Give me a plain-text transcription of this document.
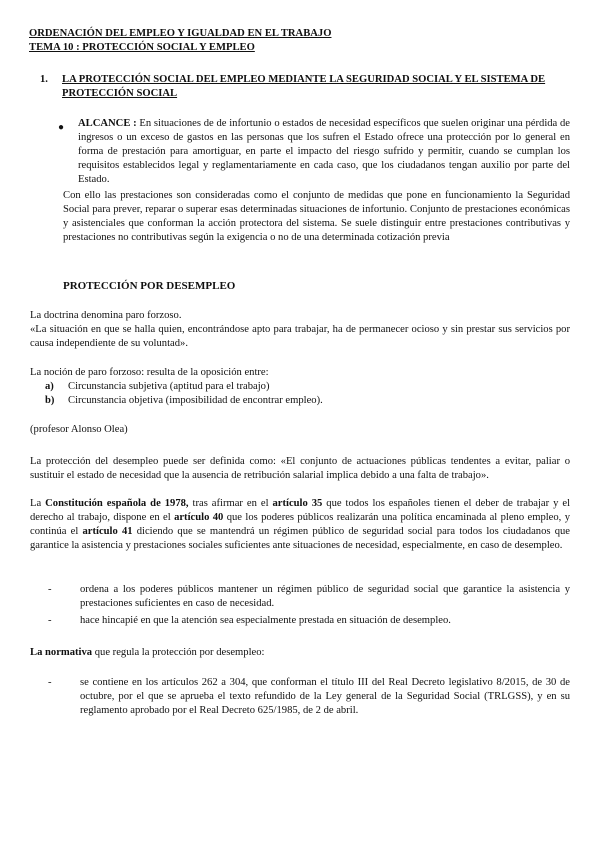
ORDENACIÓN DEL EMPLEO Y IGUALDAD EN EL TRABAJO
TEMA 10 : PROTECCIÓN SOCIAL Y EMPLEO
1. LA PROTECCIÓN SOCIAL DEL EMPLEO MEDIANTE LA SEGURIDAD SOCIAL Y EL SISTEMA DE PROTECCIÓN SOCIAL
● ALCANCE : En situaciones de de infortunio o estados de necesidad específicos que suelen originar una pérdida de ingresos o un exceso de gastos en las personas que los sufren el Estado ofrece una protección por lo general en forma de prestación para amortiguar, en parte el impacto del riesgo sufrido y permitir, cuando se cumplan los requisitos establecidos legal y reglamentariamente en cada caso, que los ciudadanos tengan auxilio por parte del Estado.
Con ello las prestaciones son consideradas como el conjunto de medidas que pone en funcionamiento la Seguridad Social para prever, reparar o superar esas determinadas situaciones de infortunio. Conjunto de prestaciones económicas y asistenciales que conforman la acción protectora del sistema. Se suele distinguir entre prestaciones contributivas y prestaciones no contributivas según la exigencia o no de una determinada cotización previa
PROTECCIÓN POR DESEMPLEO
La doctrina denomina paro forzoso.
«La situación en que se halla quien, encontrándose apto para trabajar, ha de permanecer ocioso y sin prestar sus servicios por causa independiente de su voluntad».
La noción de paro forzoso: resulta de la oposición entre:
a) Circunstancia subjetiva (aptitud para el trabajo)
b) Circunstancia objetiva (imposibilidad de encontrar empleo).
(profesor Alonso Olea)
La protección del desempleo puede ser definida como: «El conjunto de actuaciones públicas tendentes a evitar, paliar o sustituir el estado de necesidad que la ausencia de retribución salarial implica debido a una falta de trabajo».
La Constitución española de 1978, tras afirmar en el artículo 35 que todos los españoles tienen el deber de trabajar y el derecho al trabajo, dispone en el artículo 40 que los poderes públicos realizarán una política encaminada al pleno empleo, y continúa el artículo 41 diciendo que se mantendrá un régimen público de seguridad social para todos los ciudadanos que garantice la asistencia y prestaciones sociales suficientes ante situaciones de necesidad, especialmente, en caso de desempleo.
-	ordena a los poderes públicos mantener un régimen público de seguridad social que garantice la asistencia y prestaciones suficientes en caso de necesidad.
-	hace hincapié en que la atención sea especialmente prestada en situación de desempleo.
La normativa que regula la protección por desempleo:
-	se contiene en los artículos 262 a 304, que conforman el título III del Real Decreto legislativo 8/2015, de 30 de octubre, por el que se aprueba el texto refundido de la Ley general de la Seguridad Social (TRLGSS), y en su reglamento aprobado por el Real Decreto 625/1985, de 2 de abril.
